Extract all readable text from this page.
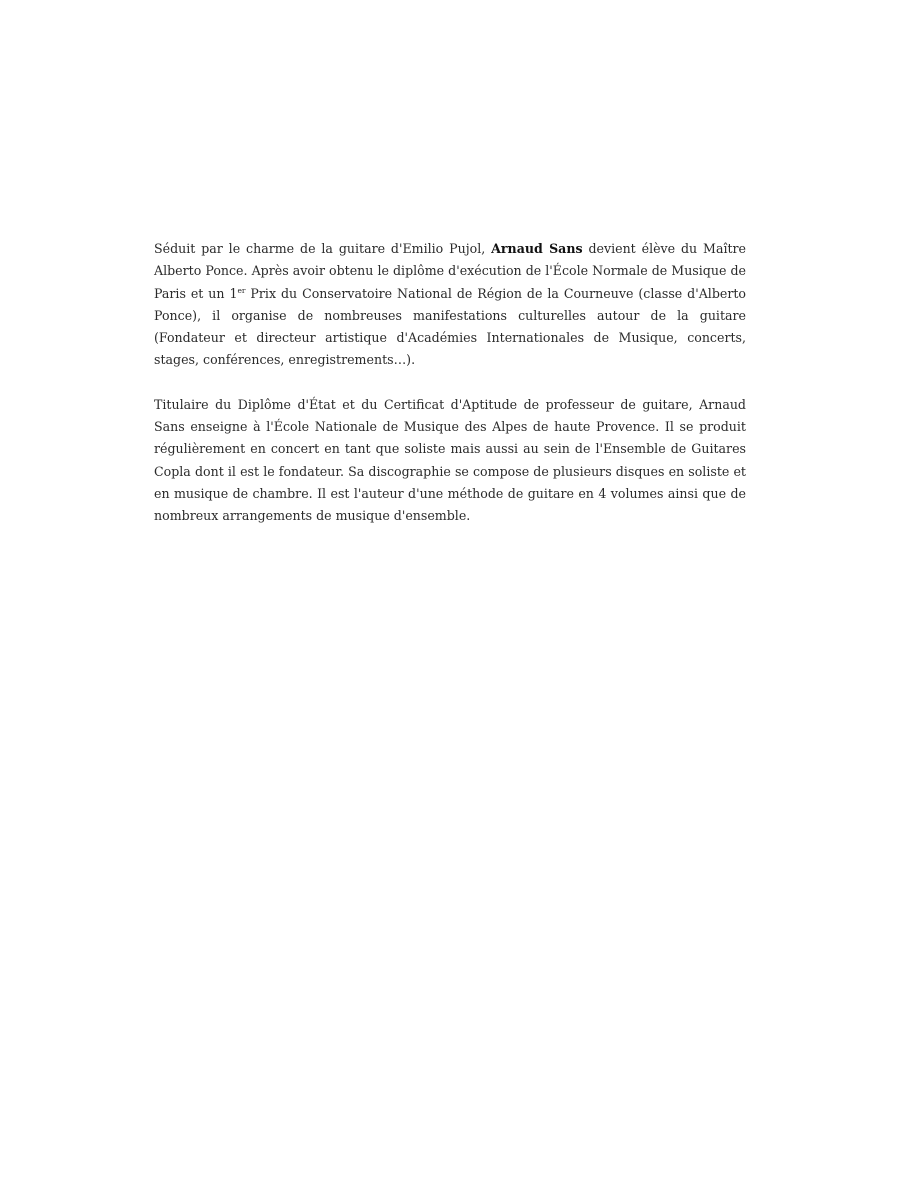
Séduit par le charme de la guitare d'Emilio Pujol, Arnaud Sans devient élève du Maître Alberto Ponce. Après avoir obtenu le diplôme d'exécution de l'École Normale de Musique de Paris et un 1er Prix du Conservatoire National de Région de la Courneuve (classe d'Alberto Ponce), il organise de nombreuses manifestations culturelles autour de la guitare (Fondateur et directeur artistique d'Académies Internationales de Musique, concerts, stages, conférences, enregistrements…).

Titulaire du Diplôme d'État et du Certificat d'Aptitude de professeur de guitare, Arnaud Sans enseigne à l'École Nationale de Musique des Alpes de haute Provence. Il se produit régulièrement en concert en tant que soliste mais aussi au sein de l'Ensemble de Guitares Copla dont il est le fondateur. Sa discographie se compose de plusieurs disques en soliste et en musique de chambre. Il est l'auteur d'une méthode de guitare en 4 volumes ainsi que de nombreux arrangements de musique d'ensemble.
